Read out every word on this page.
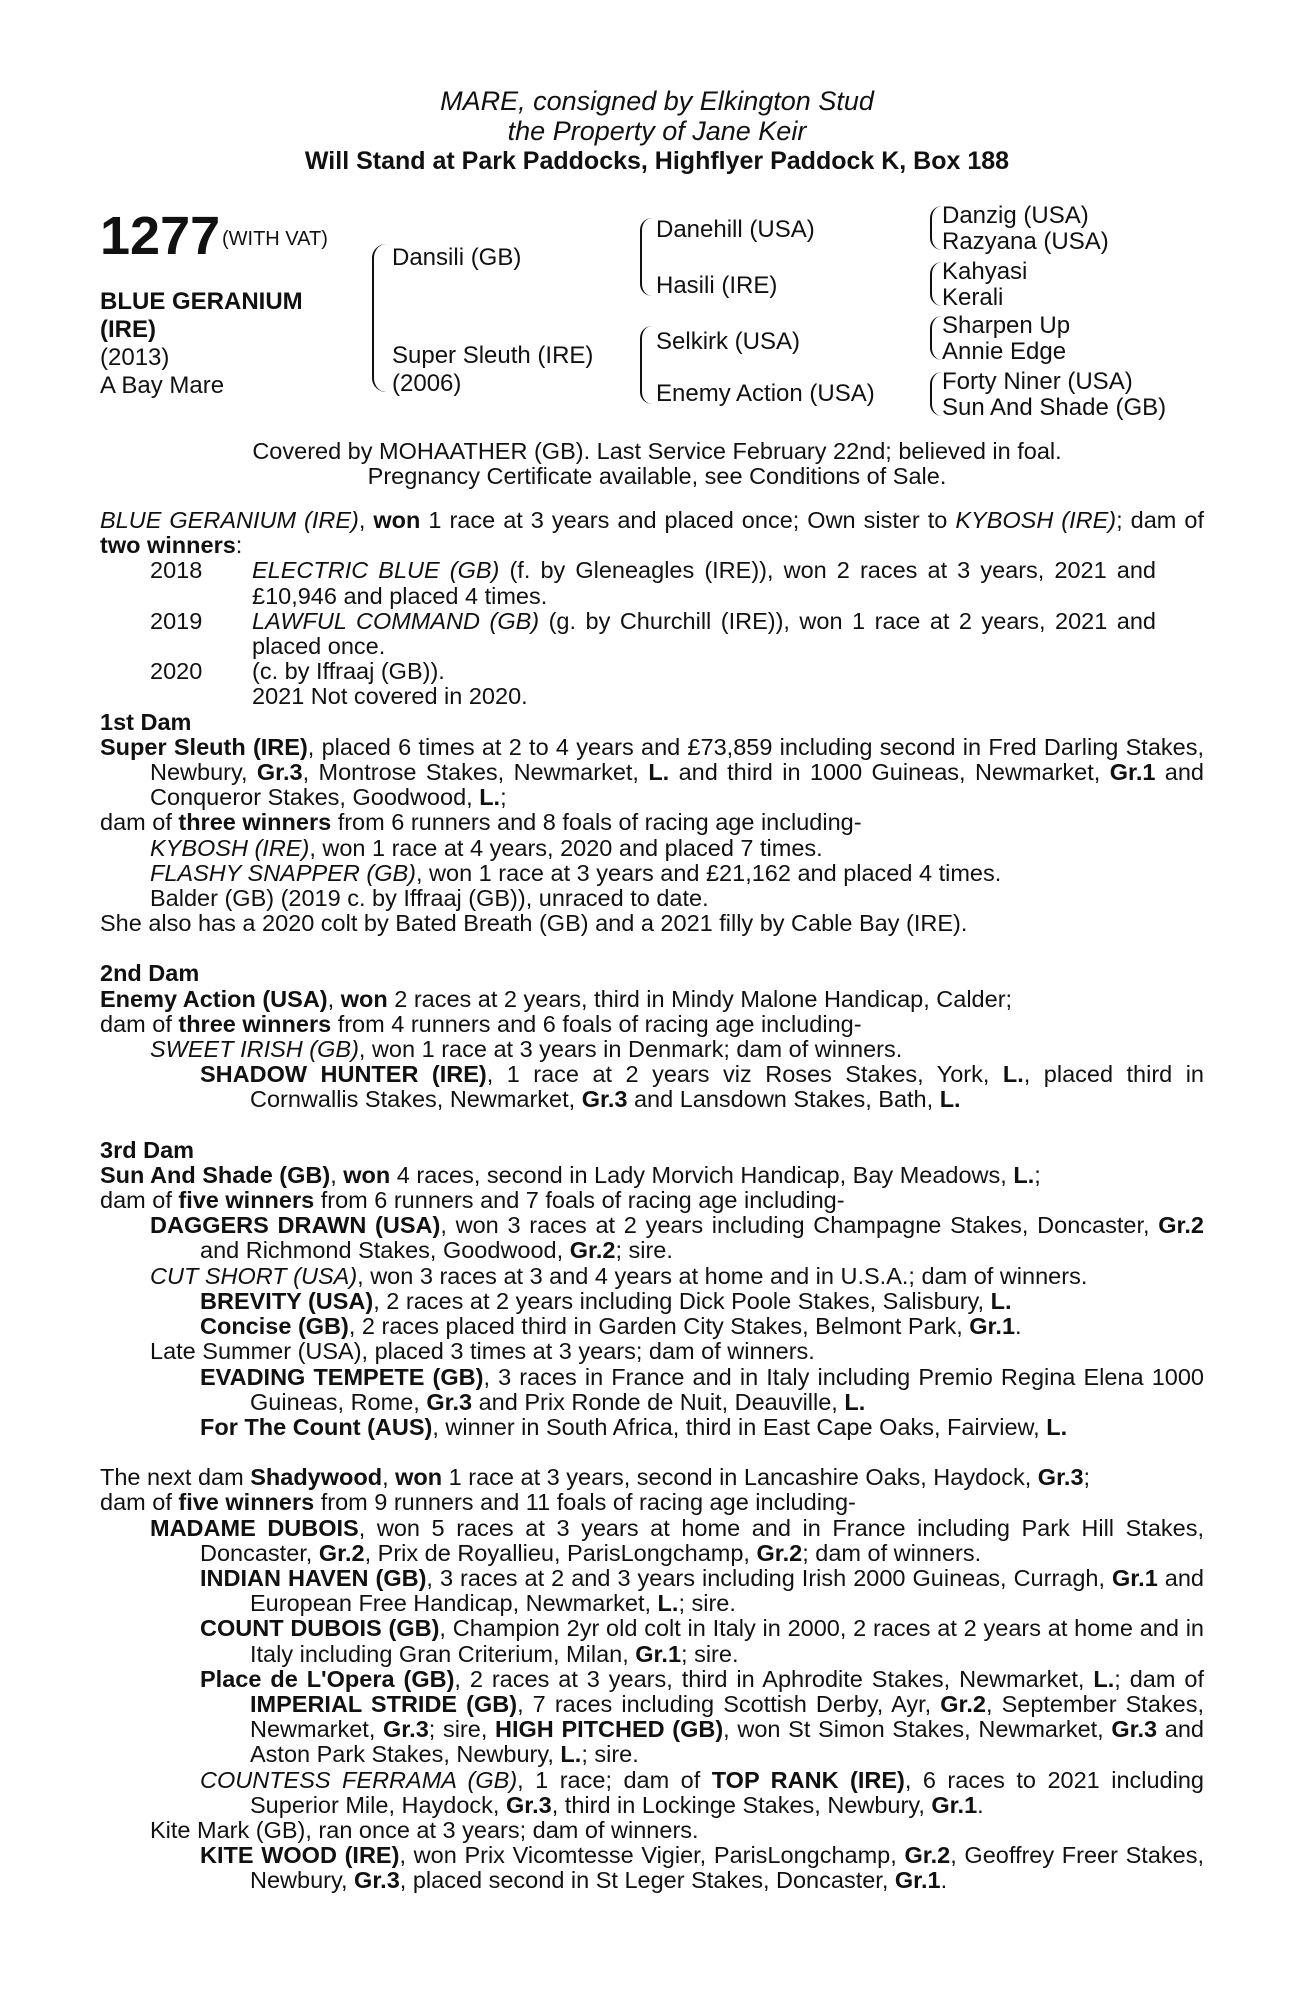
MARE, consigned by Elkington Stud
the Property of Jane Keir
Will Stand at Park Paddocks, Highflyer Paddock K, Box 188
1277 (WITH VAT)
BLUE GERANIUM
(IRE)
(2013)
A Bay Mare
Dansili (GB)
Super Sleuth (IRE)
(2006)
Danehill (USA)
Hasili (IRE)
Selkirk (USA)
Enemy Action (USA)
Danzig (USA)
Razyana (USA)
Kahyasi
Kerali
Sharpen Up
Annie Edge
Forty Niner (USA)
Sun And Shade (GB)
Covered by MOHAATHER (GB). Last Service February 22nd; believed in foal.
Pregnancy Certificate available, see Conditions of Sale.

BLUE GERANIUM (IRE), won 1 race at 3 years and placed once; Own sister to KYBOSH (IRE); dam of two winners:

2018	ELECTRIC BLUE (GB) (f. by Gleneagles (IRE)), won 2 races at 3 years, 2021 and £10,946 and placed 4 times.
2019	LAWFUL COMMAND (GB) (g. by Churchill (IRE)), won 1 race at 2 years, 2021 and placed once.
2020	(c. by Iffraaj (GB)).
2021 Not covered in 2020.

1st Dam

Super Sleuth (IRE), placed 6 times at 2 to 4 years and £73,859 including second in Fred Darling Stakes, Newbury, Gr.3, Montrose Stakes, Newmarket, L. and third in 1000 Guineas, Newmarket, Gr.1 and Conqueror Stakes, Goodwood, L.;

dam of three winners from 6 runners and 8 foals of racing age including-

KYBOSH (IRE), won 1 race at 4 years, 2020 and placed 7 times.

FLASHY SNAPPER (GB), won 1 race at 3 years and £21,162 and placed 4 times.

Balder (GB) (2019 c. by Iffraaj (GB)), unraced to date.

She also has a 2020 colt by Bated Breath (GB) and a 2021 filly by Cable Bay (IRE).

2nd Dam

Enemy Action (USA), won 2 races at 2 years, third in Mindy Malone Handicap, Calder;

dam of three winners from 4 runners and 6 foals of racing age including-

SWEET IRISH (GB), won 1 race at 3 years in Denmark; dam of winners.

SHADOW HUNTER (IRE), 1 race at 2 years viz Roses Stakes, York, L., placed third in Cornwallis Stakes, Newmarket, Gr.3 and Lansdown Stakes, Bath, L.

3rd Dam

Sun And Shade (GB), won 4 races, second in Lady Morvich Handicap, Bay Meadows, L.;

dam of five winners from 6 runners and 7 foals of racing age including-

DAGGERS DRAWN (USA), won 3 races at 2 years including Champagne Stakes, Doncaster, Gr.2 and Richmond Stakes, Goodwood, Gr.2; sire.

CUT SHORT (USA), won 3 races at 3 and 4 years at home and in U.S.A.; dam of winners.

BREVITY (USA), 2 races at 2 years including Dick Poole Stakes, Salisbury, L.

Concise (GB), 2 races placed third in Garden City Stakes, Belmont Park, Gr.1.

Late Summer (USA), placed 3 times at 3 years; dam of winners.

EVADING TEMPETE (GB), 3 races in France and in Italy including Premio Regina Elena 1000 Guineas, Rome, Gr.3 and Prix Ronde de Nuit, Deauville, L.

For The Count (AUS), winner in South Africa, third in East Cape Oaks, Fairview, L.

The next dam Shadywood, won 1 race at 3 years, second in Lancashire Oaks, Haydock, Gr.3;

dam of five winners from 9 runners and 11 foals of racing age including-

MADAME DUBOIS, won 5 races at 3 years at home and in France including Park Hill Stakes, Doncaster, Gr.2, Prix de Royallieu, ParisLongchamp, Gr.2; dam of winners.

INDIAN HAVEN (GB), 3 races at 2 and 3 years including Irish 2000 Guineas, Curragh, Gr.1 and European Free Handicap, Newmarket, L.; sire.

COUNT DUBOIS (GB), Champion 2yr old colt in Italy in 2000, 2 races at 2 years at home and in Italy including Gran Criterium, Milan, Gr.1; sire.

Place de L'Opera (GB), 2 races at 3 years, third in Aphrodite Stakes, Newmarket, L.; dam of IMPERIAL STRIDE (GB), 7 races including Scottish Derby, Ayr, Gr.2, September Stakes, Newmarket, Gr.3; sire, HIGH PITCHED (GB), won St Simon Stakes, Newmarket, Gr.3 and Aston Park Stakes, Newbury, L.; sire.

COUNTESS FERRAMA (GB), 1 race; dam of TOP RANK (IRE), 6 races to 2021 including Superior Mile, Haydock, Gr.3, third in Lockinge Stakes, Newbury, Gr.1.

Kite Mark (GB), ran once at 3 years; dam of winners.

KITE WOOD (IRE), won Prix Vicomtesse Vigier, ParisLongchamp, Gr.2, Geoffrey Freer Stakes, Newbury, Gr.3, placed second in St Leger Stakes, Doncaster, Gr.1.
